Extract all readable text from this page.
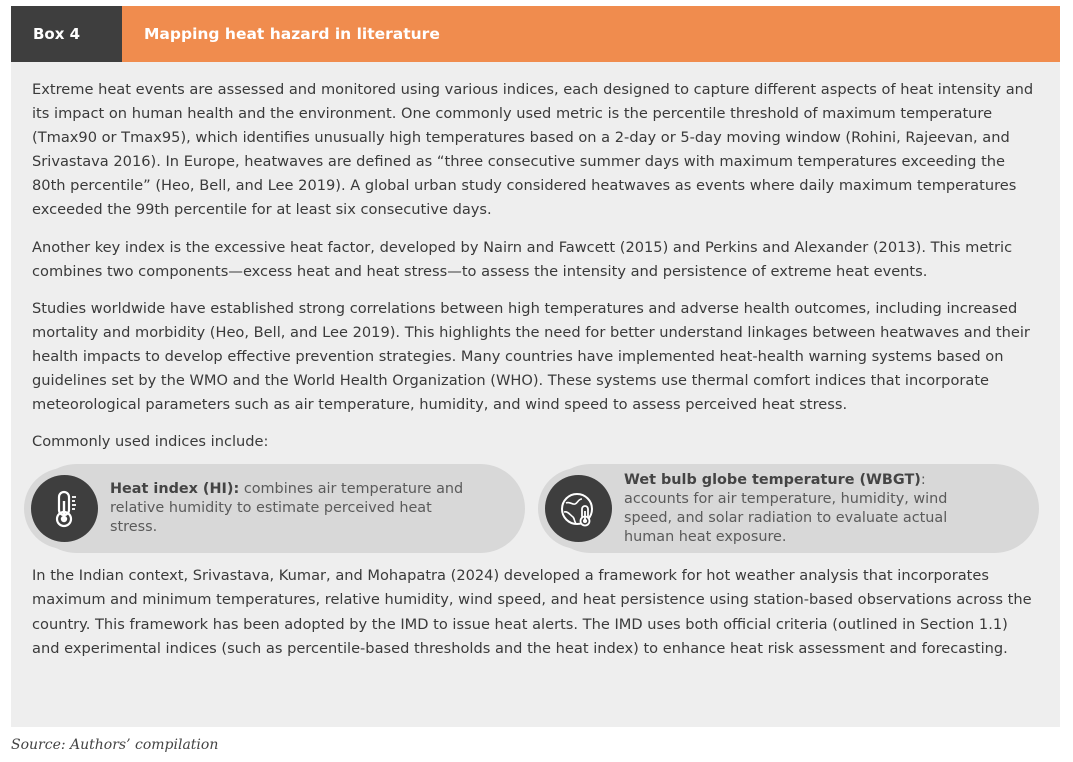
Box 4	Mapping heat hazard in literature

Extreme heat events are assessed and monitored using various indices, each designed to capture different aspects of heat intensity and its impact on human health and the environment. One commonly used metric is the percentile threshold of maximum temperature (Tmax90 or Tmax95), which identifies unusually high temperatures based on a 2-day or 5-day moving window (Rohini, Rajeevan, and Srivastava 2016). In Europe, heatwaves are defined as “three consecutive summer days with maximum temperatures exceeding the 80th percentile” (Heo, Bell, and Lee 2019). A global urban study considered heatwaves as events where daily maximum temperatures exceeded the 99th percentile for at least six consecutive days.

Another key index is the excessive heat factor, developed by Nairn and Fawcett (2015) and Perkins and Alexander (2013). This metric combines two components—excess heat and heat stress—to assess the intensity and persistence of extreme heat events.

Studies worldwide have established strong correlations between high temperatures and adverse health outcomes, including increased mortality and morbidity (Heo, Bell, and Lee 2019). This highlights the need for better understand linkages between heatwaves and their health impacts to develop effective prevention strategies. Many countries have implemented heat-health warning systems based on guidelines set by the WMO and the World Health Organization (WHO). These systems use thermal comfort indices that incorporate meteorological parameters such as air temperature, humidity, and wind speed to assess perceived heat stress.

Commonly used indices include:

Heat index (HI): combines air temperature and relative humidity to estimate perceived heat stress.
Wet bulb globe temperature (WBGT): accounts for air temperature, humidity, wind speed, and solar radiation to evaluate actual human heat exposure.

In the Indian context, Srivastava, Kumar, and Mohapatra (2024) developed a framework for hot weather analysis that incorporates maximum and minimum temperatures, relative humidity, wind speed, and heat persistence using station-based observations across the country. This framework has been adopted by the IMD to issue heat alerts. The IMD uses both official criteria (outlined in Section 1.1) and experimental indices (such as percentile-based thresholds and the heat index) to enhance heat risk assessment and forecasting.

Source: Authors’ compilation
